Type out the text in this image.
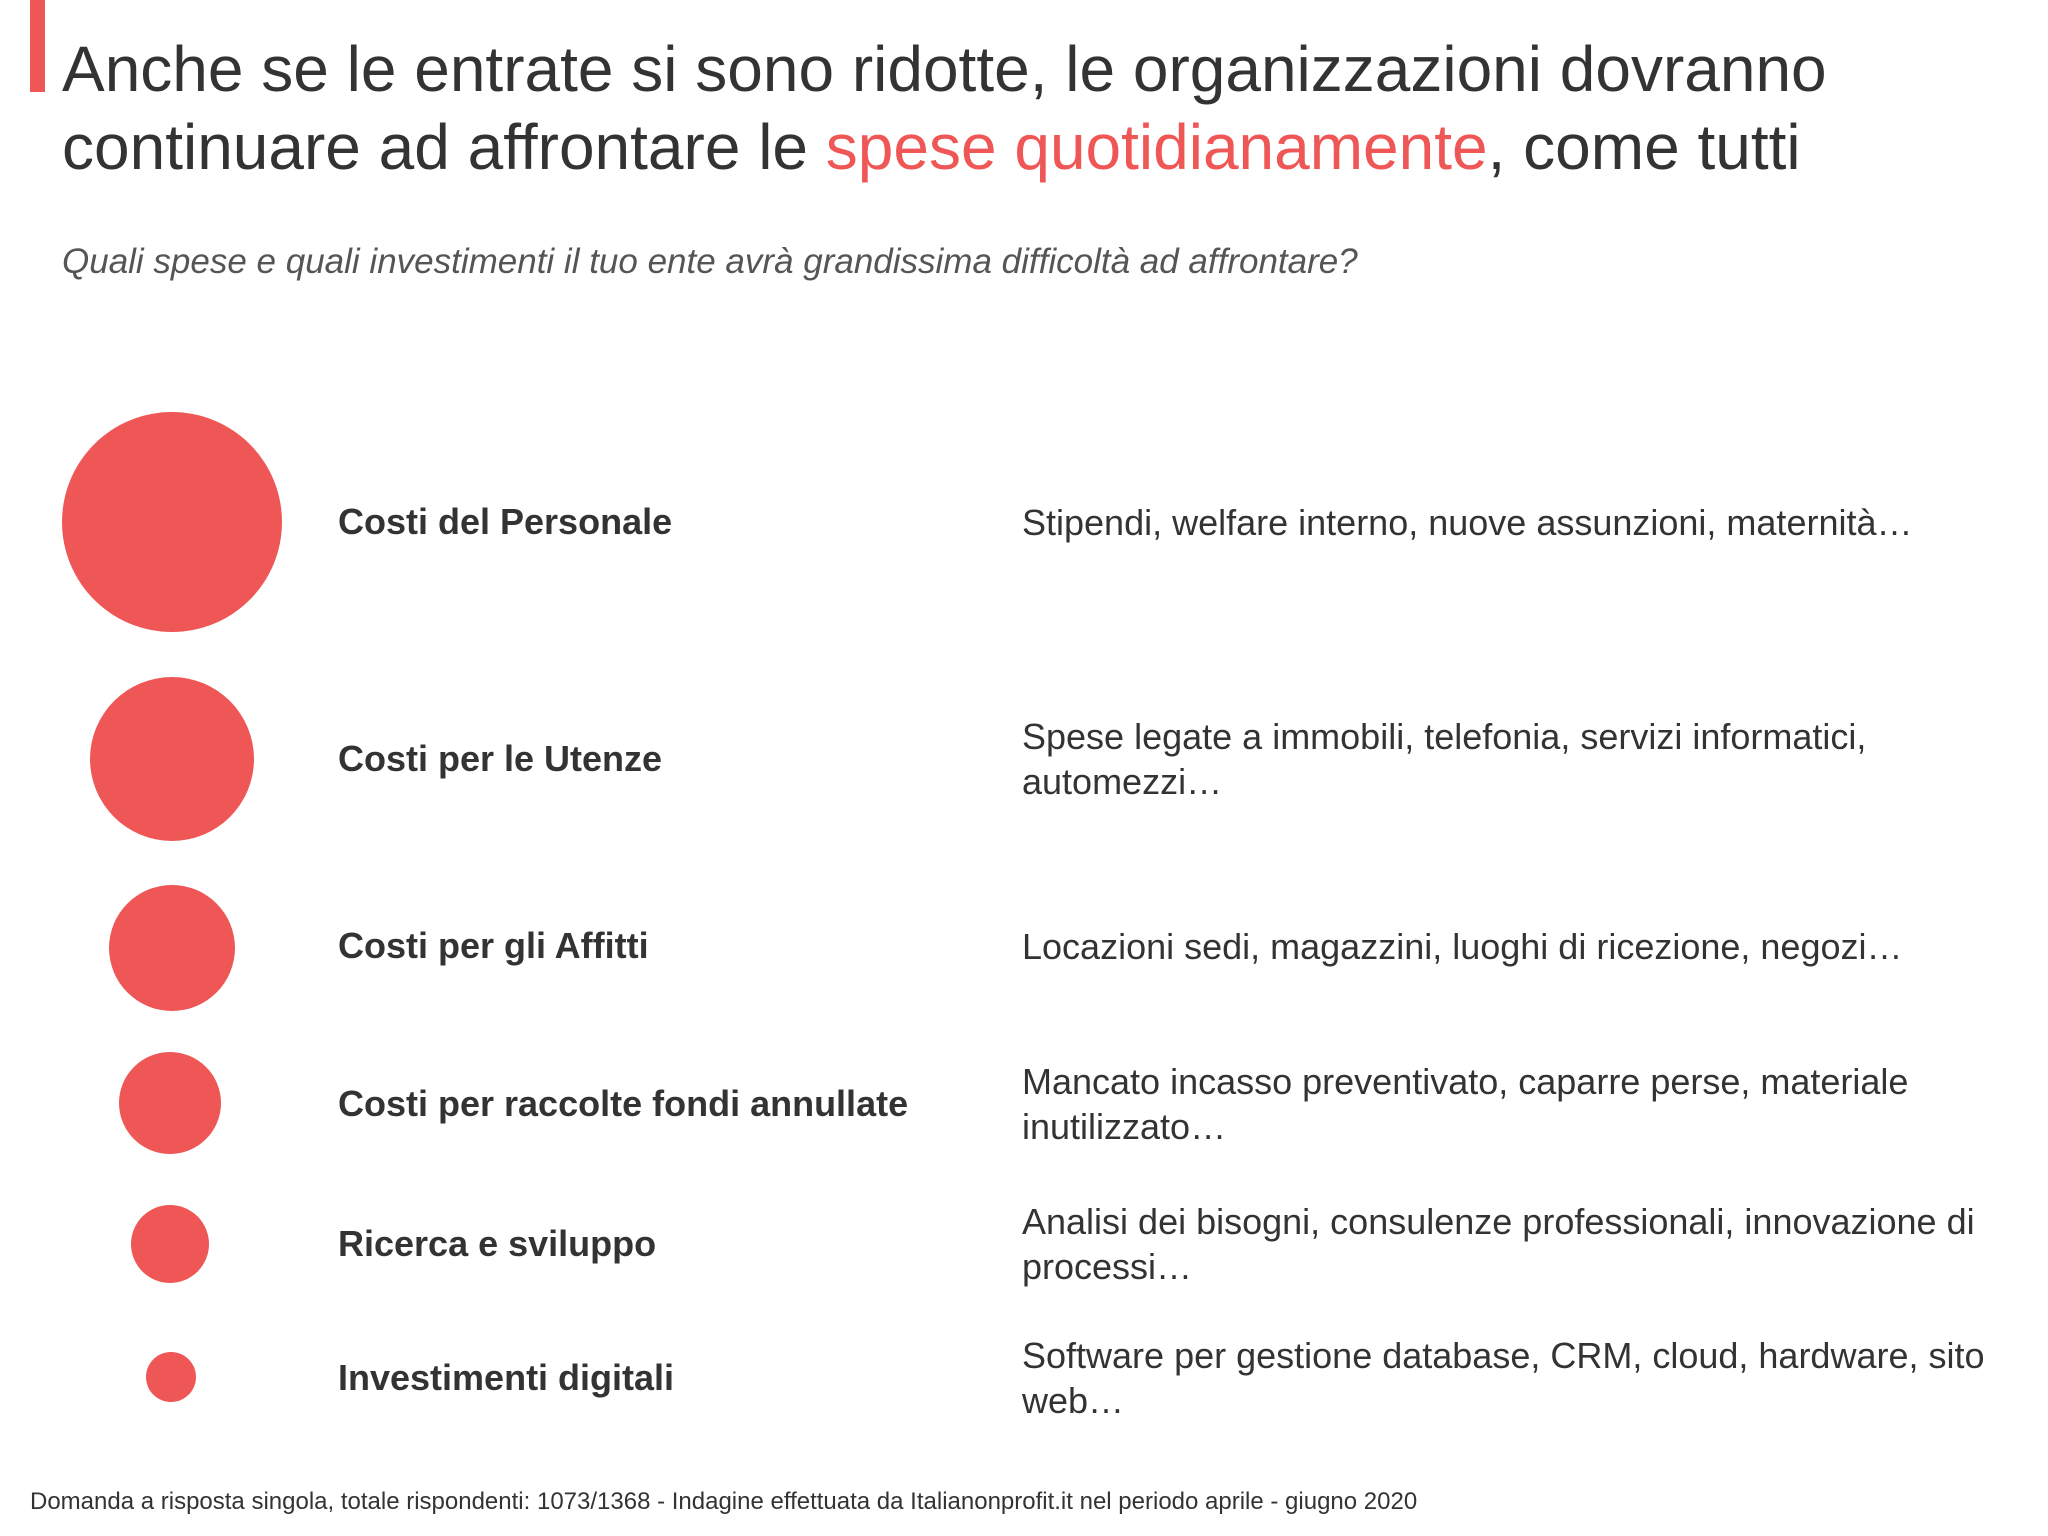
Anche se le entrate si sono ridotte, le organizzazioni dovranno continuare ad affrontare le spese quotidianamente, come tutti

Quali spese e quali investimenti il tuo ente avrà grandissima difficoltà ad affrontare?

Costi del Personale	Stipendi, welfare interno, nuove assunzioni, maternità…
Costi per le Utenze
Spese legate a immobili, telefonia, servizi informatici, automezzi…
Costi per gli Affitti	Locazioni sedi, magazzini, luoghi di ricezione, negozi…
Costi per raccolte fondi annullate
Mancato incasso preventivato, caparre perse, materiale inutilizzato…
Ricerca e sviluppo
Analisi dei bisogni, consulenze professionali, innovazione di processi…
Investimenti digitali
Software per gestione database, CRM, cloud, hardware, sito web…

Domanda a risposta singola, totale rispondenti: 1073/1368 - Indagine effettuata da Italianonprofit.it nel periodo aprile - giugno 2020
